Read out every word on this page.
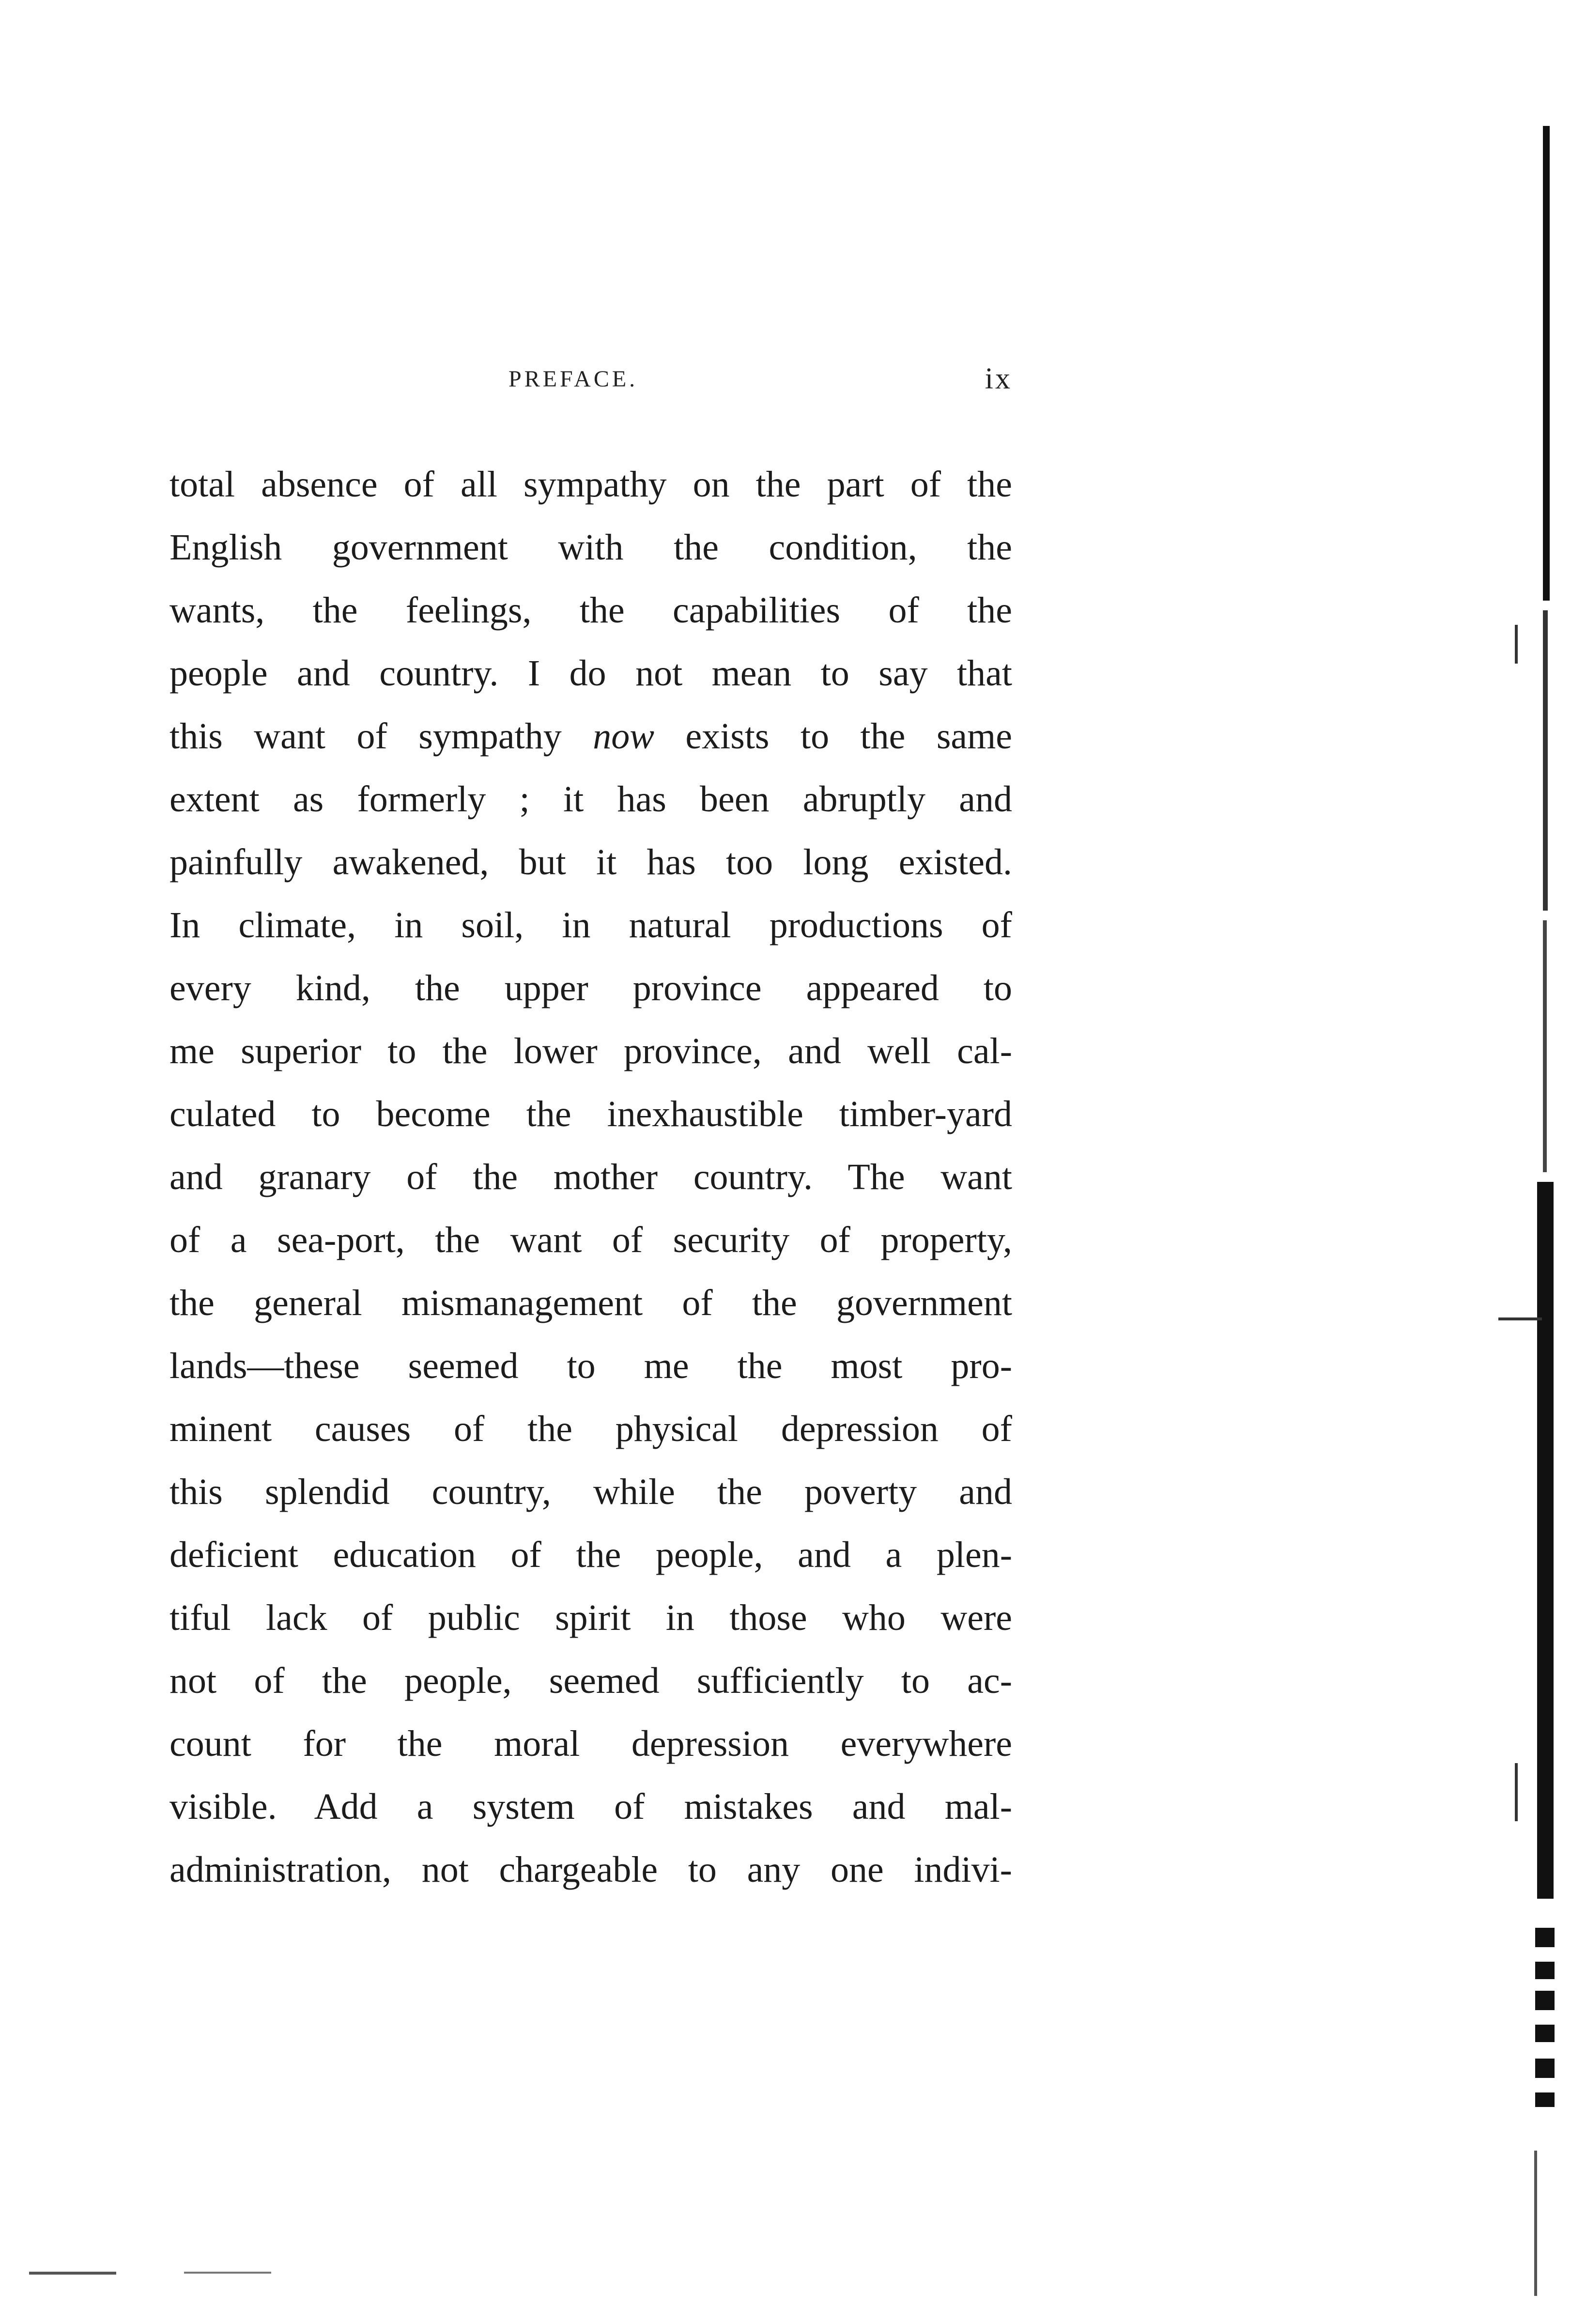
PREFACE.	ix
total absence of all sympathy on the part of the
English government with the condition, the
wants, the feelings, the capabilities of the
people and country. I do not mean to say that
this want of sympathy now exists to the same
extent as formerly ; it has been abruptly and
painfully awakened, but it has too long existed.
In climate, in soil, in natural productions of
every kind, the upper province appeared to
me superior to the lower province, and well cal-
culated to become the inexhaustible timber-yard
and granary of the mother country. The want
of a sea-port, the want of security of property,
the general mismanagement of the government
lands—these seemed to me the most pro-
minent causes of the physical depression of
this splendid country, while the poverty and
deficient education of the people, and a plen-
tiful lack of public spirit in those who were
not of the people, seemed sufficiently to ac-
count for the moral depression everywhere
visible. Add a system of mistakes and mal-
administration, not chargeable to any one indivi-
